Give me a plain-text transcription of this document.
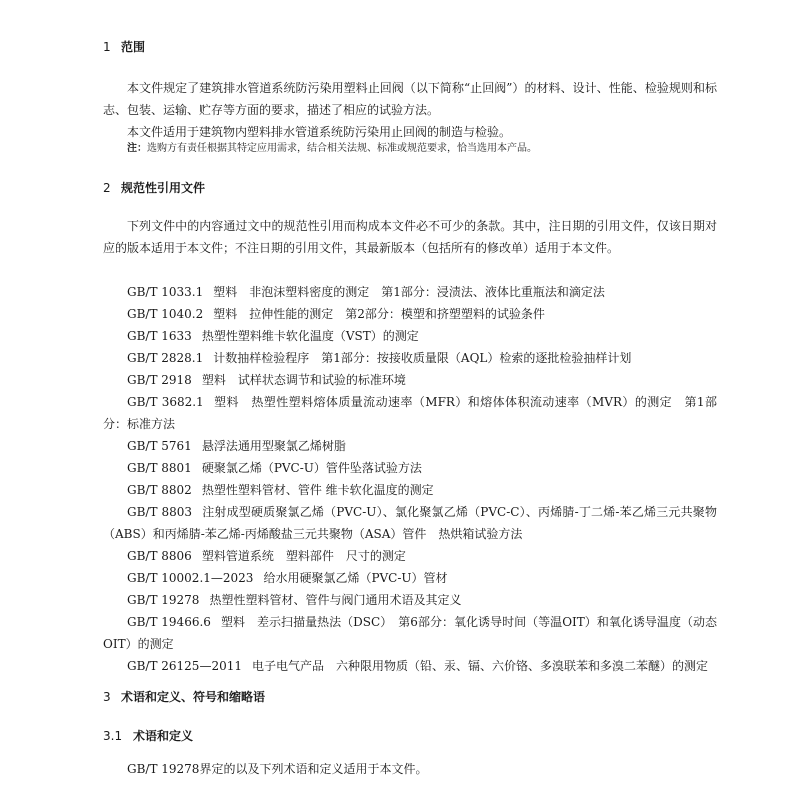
1 范围
本文件规定了建筑排水管道系统防污染用塑料止回阀（以下简称“止回阀”）的材料、设计、性能、检验规则和标志、包装、运输、贮存等方面的要求，描述了相应的试验方法。
本文件适用于建筑物内塑料排水管道系统防污染用止回阀的制造与检验。
注：选购方有责任根据其特定应用需求，结合相关法规、标准或规范要求，恰当选用本产品。
2 规范性引用文件
下列文件中的内容通过文中的规范性引用而构成本文件必不可少的条款。其中，注日期的引用文件，仅该日期对应的版本适用于本文件；不注日期的引用文件，其最新版本（包括所有的修改单）适用于本文件。
GB/T 1033.1 塑料　非泡沫塑料密度的测定　第1部分：浸渍法、液体比重瓶法和滴定法
GB/T 1040.2 塑料　拉伸性能的测定　第2部分：模塑和挤塑塑料的试验条件
GB/T 1633 热塑性塑料维卡软化温度（VST）的测定
GB/T 2828.1 计数抽样检验程序　第1部分：按接收质量限（AQL）检索的逐批检验抽样计划
GB/T 2918 塑料　试样状态调节和试验的标准环境
GB/T 3682.1 塑料　热塑性塑料熔体质量流动速率（MFR）和熔体体积流动速率（MVR）的测定　第1部分：标准方法
GB/T 5761 悬浮法通用型聚氯乙烯树脂
GB/T 8801 硬聚氯乙烯（PVC-U）管件坠落试验方法
GB/T 8802 热塑性塑料管材、管件 维卡软化温度的测定
GB/T 8803 注射成型硬质聚氯乙烯（PVC-U）、氯化聚氯乙烯（PVC-C）、丙烯腈-丁二烯-苯乙烯三元共聚物（ABS）和丙烯腈-苯乙烯-丙烯酸盐三元共聚物（ASA）管件　热烘箱试验方法
GB/T 8806 塑料管道系统　塑料部件　尺寸的测定
GB/T 10002.1—2023 给水用硬聚氯乙烯（PVC-U）管材
GB/T 19278 热塑性塑料管材、管件与阀门通用术语及其定义
GB/T 19466.6 塑料　差示扫描量热法（DSC）　第6部分：氧化诱导时间（等温OIT）和氧化诱导温度（动态OIT）的测定
GB/T 26125—2011 电子电气产品　六种限用物质（铅、汞、镉、六价铬、多溴联苯和多溴二苯醚）的测定
3 术语和定义、符号和缩略语
3.1 术语和定义
GB/T 19278界定的以及下列术语和定义适用于本文件。
